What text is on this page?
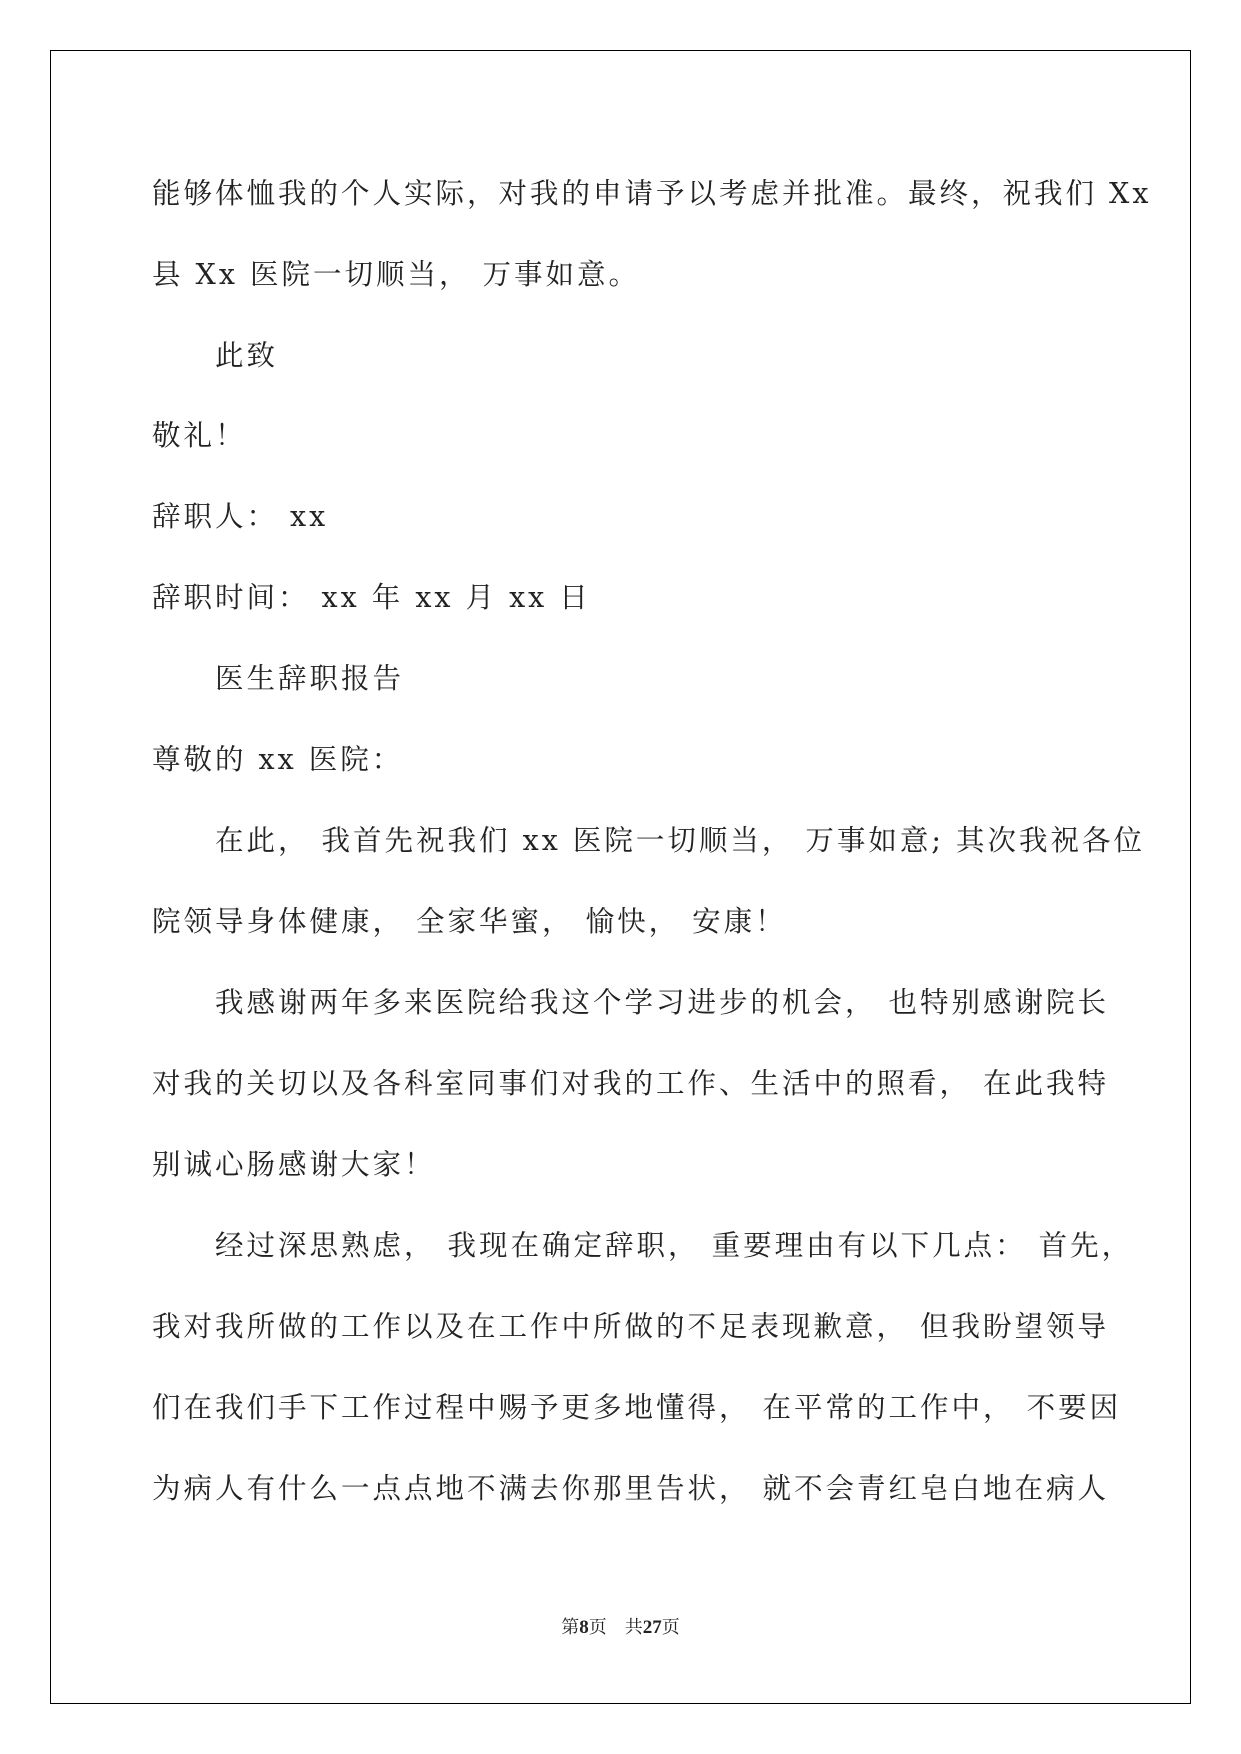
能够体恤我的个人实际，对我的申请予以考虑并批准。最终，祝我们 Xx
县 Xx 医院一切顺当， 万事如意。
此致
敬礼！
辞职人： xx
辞职时间： xx 年 xx 月 xx 日
医生辞职报告
尊敬的 xx 医院：
在此， 我首先祝我们 xx 医院一切顺当， 万事如意; 其次我祝各位
院领导身体健康， 全家华蜜， 愉快， 安康！
我感谢两年多来医院给我这个学习进步的机会， 也特别感谢院长
对我的关切以及各科室同事们对我的工作、生活中的照看， 在此我特
别诚心肠感谢大家！
经过深思熟虑， 我现在确定辞职， 重要理由有以下几点： 首先，
我对我所做的工作以及在工作中所做的不足表现歉意， 但我盼望领导
们在我们手下工作过程中赐予更多地懂得， 在平常的工作中， 不要因
为病人有什么一点点地不满去你那里告状， 就不会青红皂白地在病人
第8页 共27页
